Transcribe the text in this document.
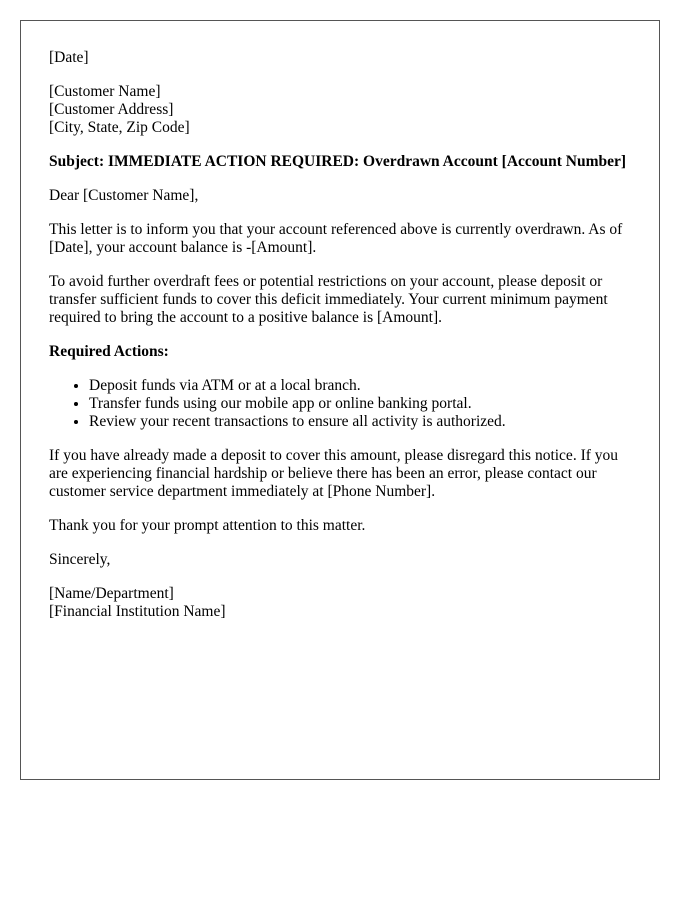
[Date]

[Customer Name]
[Customer Address]
[City, State, Zip Code]

Subject: IMMEDIATE ACTION REQUIRED: Overdrawn Account [Account Number]

Dear [Customer Name],

This letter is to inform you that your account referenced above is currently overdrawn. As of [Date], your account balance is -[Amount].

To avoid further overdraft fees or potential restrictions on your account, please deposit or transfer sufficient funds to cover this deficit immediately. Your current minimum payment required to bring the account to a positive balance is [Amount].

Required Actions:

• Deposit funds via ATM or at a local branch.
• Transfer funds using our mobile app or online banking portal.
• Review your recent transactions to ensure all activity is authorized.

If you have already made a deposit to cover this amount, please disregard this notice. If you are experiencing financial hardship or believe there has been an error, please contact our customer service department immediately at [Phone Number].

Thank you for your prompt attention to this matter.

Sincerely,

[Name/Department]
[Financial Institution Name]
